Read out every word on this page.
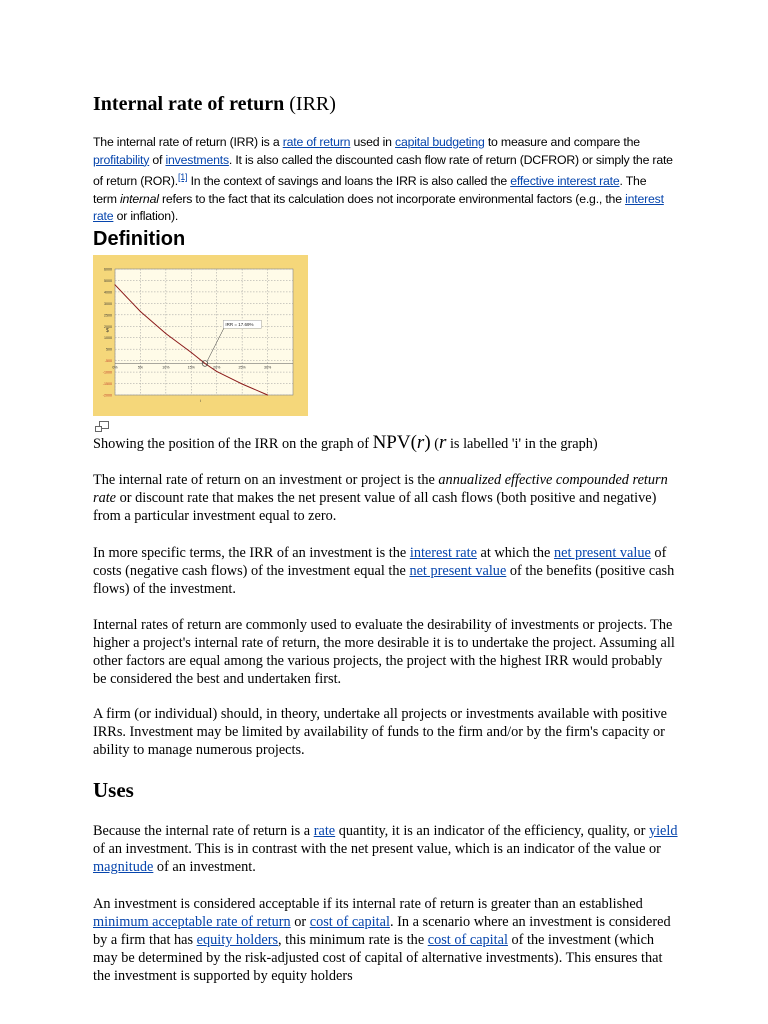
Internal rate of return (IRR)

The internal rate of return (IRR) is a rate of return used in capital budgeting to measure and compare the profitability of investments. It is also called the discounted cash flow rate of return (DCFROR) or simply the rate of return (ROR).[1] In the context of savings and loans the IRR is also called the effective interest rate. The term internal refers to the fact that its calculation does not incorporate environmental factors (e.g., the interest rate or inflation).

Definition
6000
5000
4000
3000
2500
2000
1000
500
-500
-1000
-1500
-2000
0%	5%	10%	15%	20%	25%	30%
$
i
IRR = 17.69%

Showing the position of the IRR on the graph of NPV(r) (r is labelled 'i' in the graph)

The internal rate of return on an investment or project is the annualized effective compounded return rate or discount rate that makes the net present value of all cash flows (both positive and negative) from a particular investment equal to zero.

In more specific terms, the IRR of an investment is the interest rate at which the net present value of costs (negative cash flows) of the investment equal the net present value of the benefits (positive cash flows) of the investment.

Internal rates of return are commonly used to evaluate the desirability of investments or projects. The higher a project's internal rate of return, the more desirable it is to undertake the project. Assuming all other factors are equal among the various projects, the project with the highest IRR would probably be considered the best and undertaken first.

A firm (or individual) should, in theory, undertake all projects or investments available with positive IRRs. Investment may be limited by availability of funds to the firm and/or by the firm's capacity or ability to manage numerous projects.

Uses

Because the internal rate of return is a rate quantity, it is an indicator of the efficiency, quality, or yield of an investment. This is in contrast with the net present value, which is an indicator of the value or magnitude of an investment.

An investment is considered acceptable if its internal rate of return is greater than an established minimum acceptable rate of return or cost of capital. In a scenario where an investment is considered by a firm that has equity holders, this minimum rate is the cost of capital of the investment (which may be determined by the risk-adjusted cost of capital of alternative investments). This ensures that the investment is supported by equity holders
